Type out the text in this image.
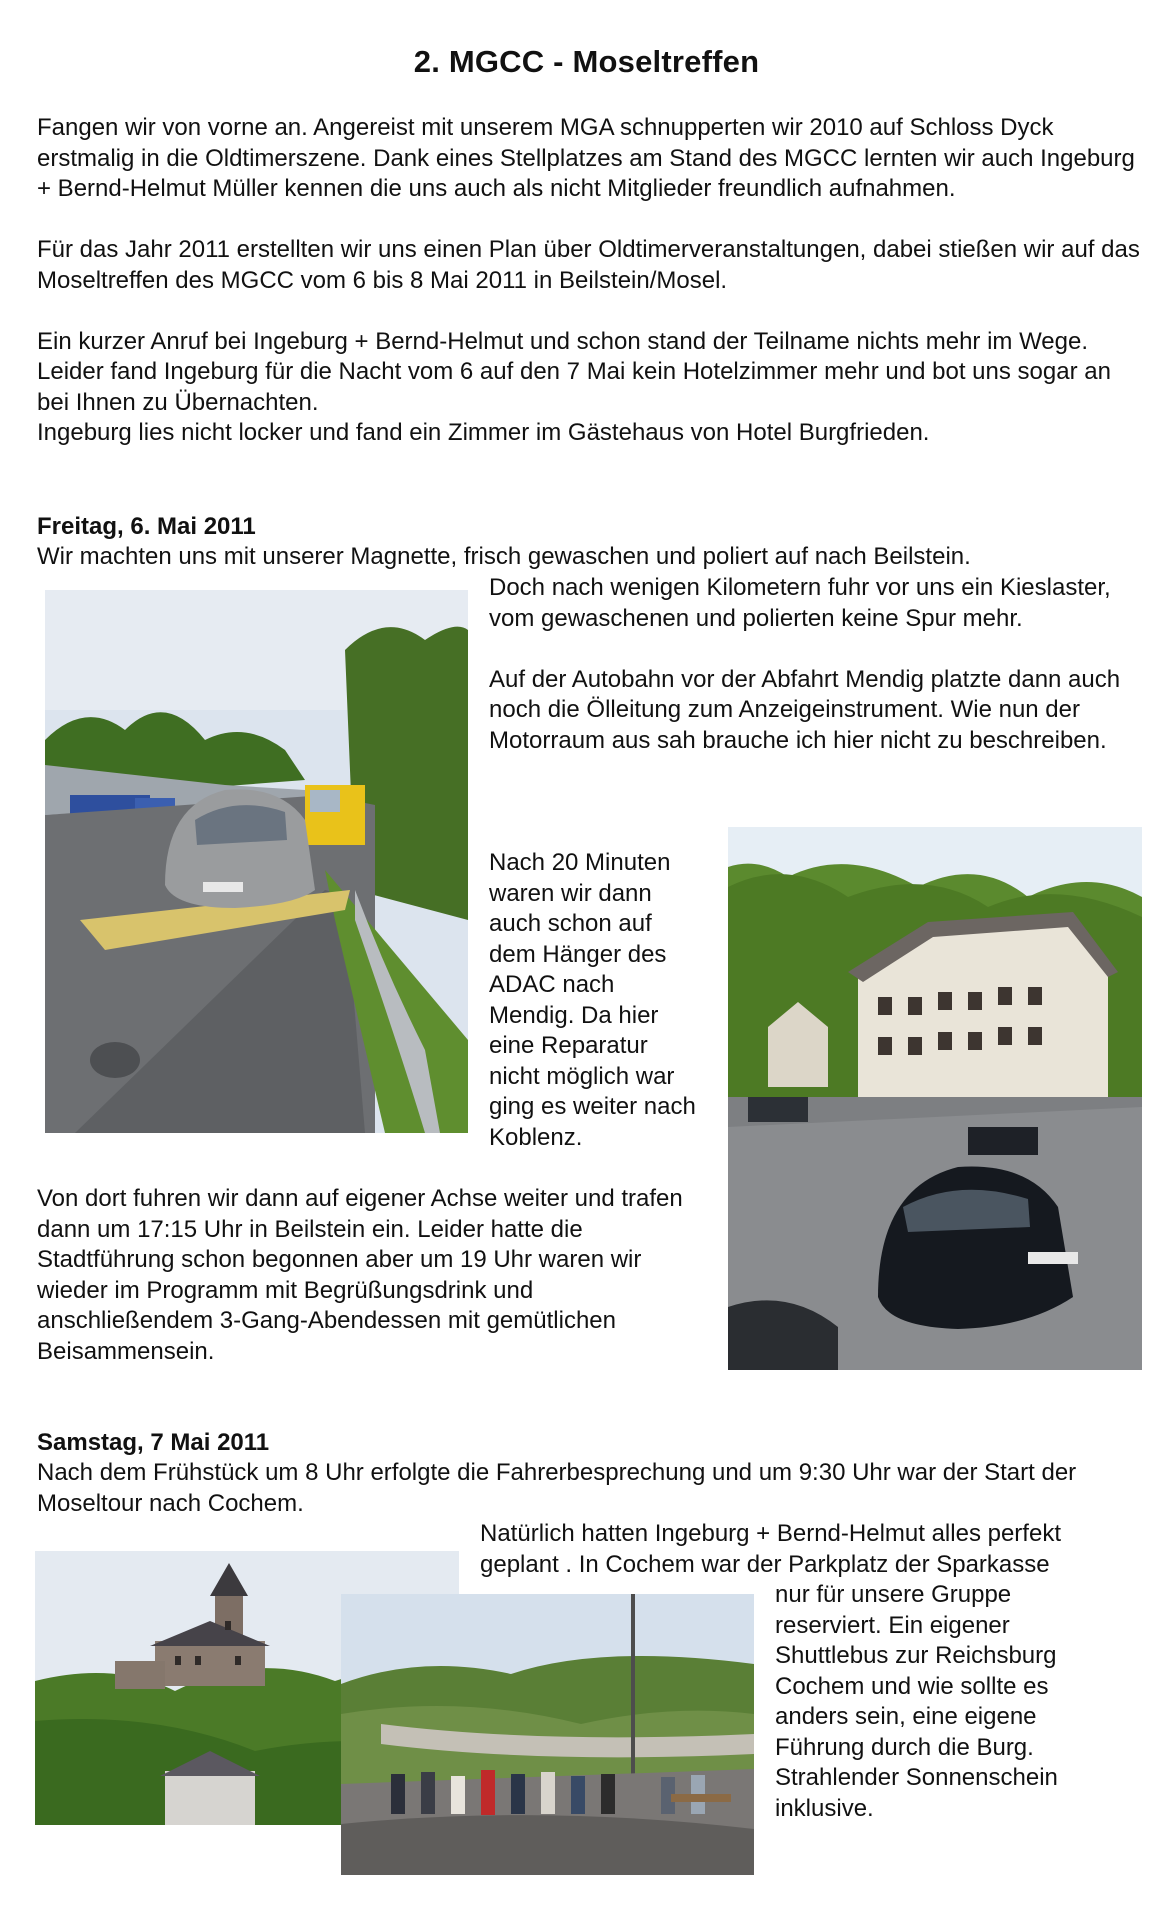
2. MGCC - Moseltreffen

Fangen wir von vorne an. Angereist mit unserem MGA schnupperten wir 2010 auf Schloss Dyck erstmalig in die Oldtimerszene. Dank eines Stellplatzes am Stand des MGCC lernten wir auch Ingeburg + Bernd-Helmut Müller kennen die uns auch als nicht Mitglieder freundlich aufnahmen.

Für das Jahr 2011 erstellten wir uns einen Plan über Oldtimerveranstaltungen, dabei stießen wir auf das Moseltreffen des MGCC vom 6 bis 8 Mai 2011 in Beilstein/Mosel.

Ein kurzer Anruf bei Ingeburg + Bernd-Helmut und schon stand der Teilname nichts mehr im Wege. Leider fand Ingeburg für die Nacht vom 6 auf den 7 Mai kein Hotelzimmer mehr und bot uns sogar an bei Ihnen zu Übernachten.
Ingeburg lies nicht locker und fand ein Zimmer im Gästehaus von Hotel Burgfrieden.
Freitag, 6. Mai 2011
Wir machten uns mit unserer Magnette, frisch gewaschen und poliert auf nach Beilstein.

Doch nach wenigen Kilometern fuhr vor uns ein Kieslaster, vom gewaschenen und polierten keine Spur mehr.

Auf der Autobahn vor der Abfahrt Mendig platzte dann auch noch die Ölleitung zum Anzeigeinstrument. Wie nun der Motorraum aus sah brauche ich hier nicht zu beschreiben.

Nach 20 Minuten waren wir dann auch schon auf dem Hänger des ADAC nach Mendig. Da hier eine Reparatur nicht möglich war ging es weiter nach Koblenz.
Von dort fuhren wir dann auf eigener Achse weiter und trafen dann um 17:15 Uhr in Beilstein ein. Leider hatte die Stadtführung schon begonnen aber um 19 Uhr waren wir wieder im Programm mit Begrüßungsdrink und anschließendem 3-Gang-Abendessen mit gemütlichen Beisammensein.
Samstag, 7 Mai 2011
Nach dem Frühstück um 8 Uhr erfolgte die Fahrerbesprechung und um 9:30 Uhr war der Start der Moseltour nach Cochem.
Natürlich hatten Ingeburg + Bernd-Helmut alles perfekt geplant . In Cochem war der Parkplatz der Sparkasse
nur für unsere Gruppe reserviert. Ein eigener Shuttlebus zur Reichsburg Cochem und wie sollte es anders sein, eine eigene Führung durch die Burg. Strahlender Sonnenschein inklusive.
